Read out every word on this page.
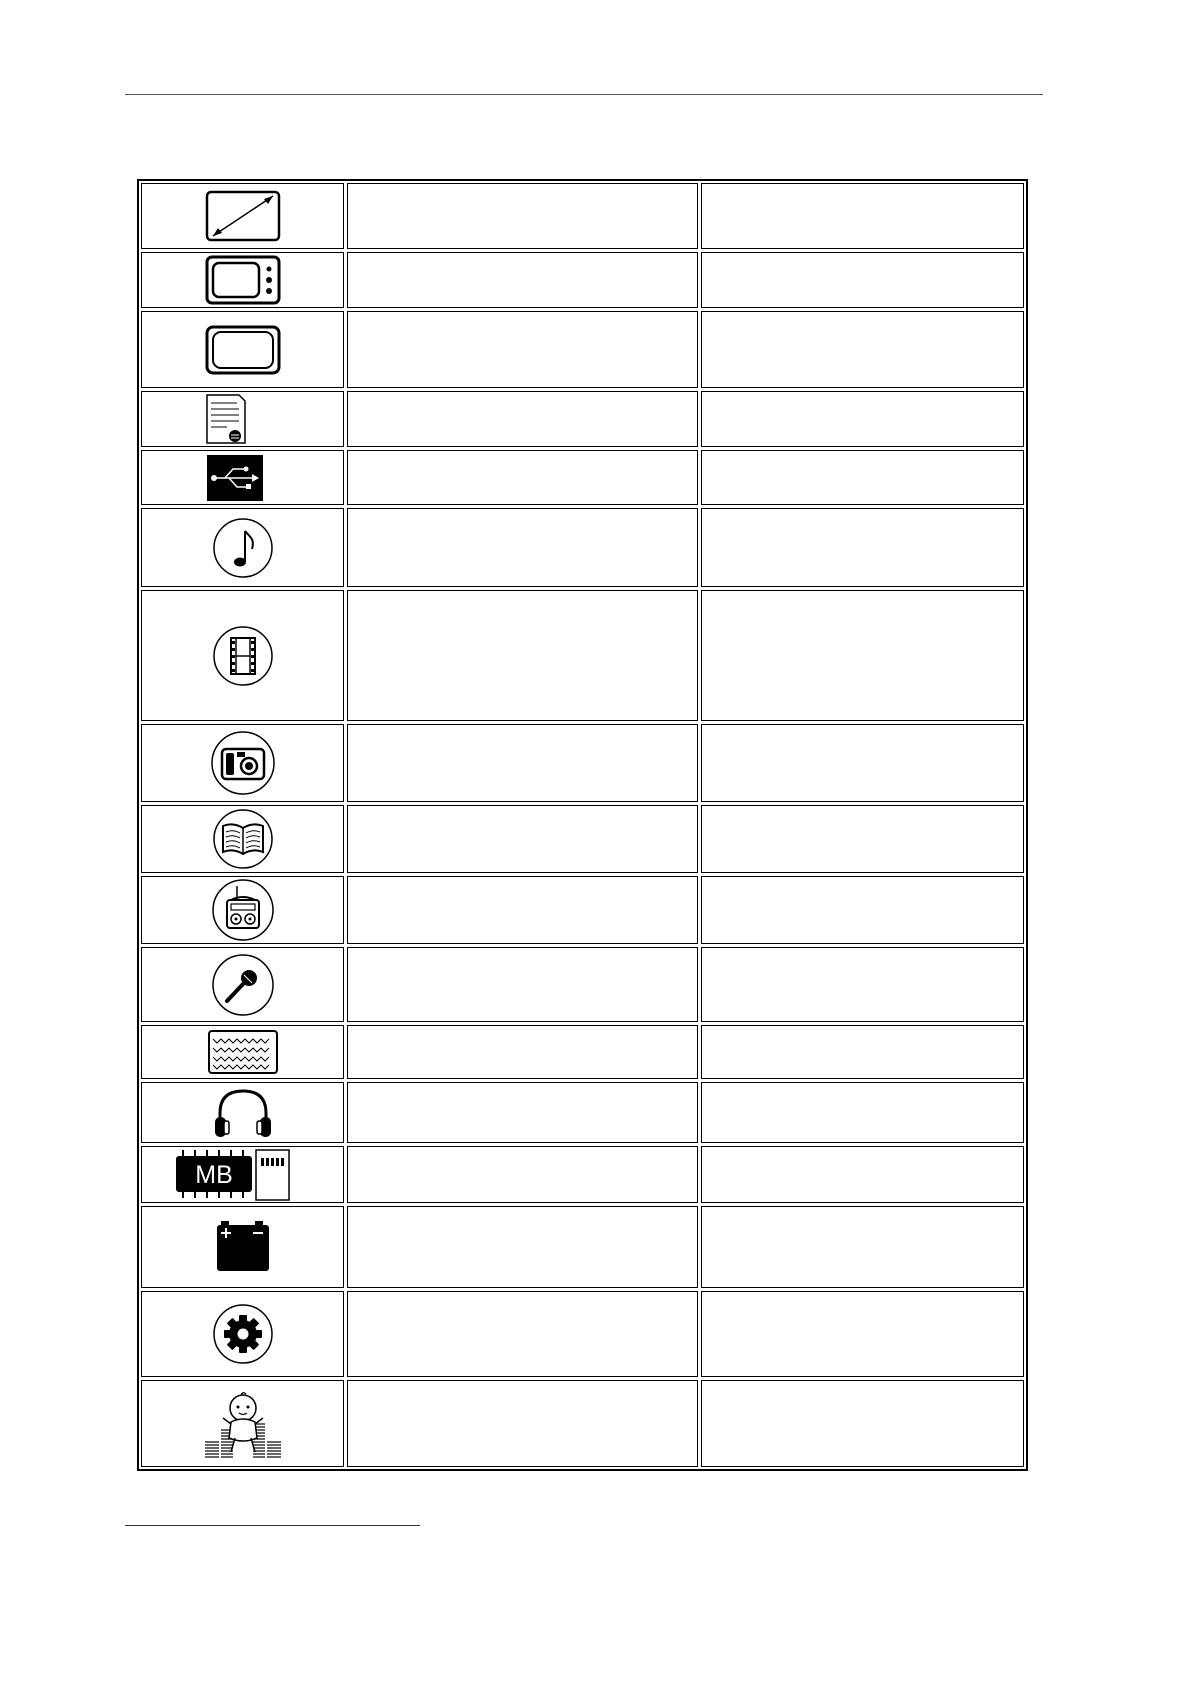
MB
